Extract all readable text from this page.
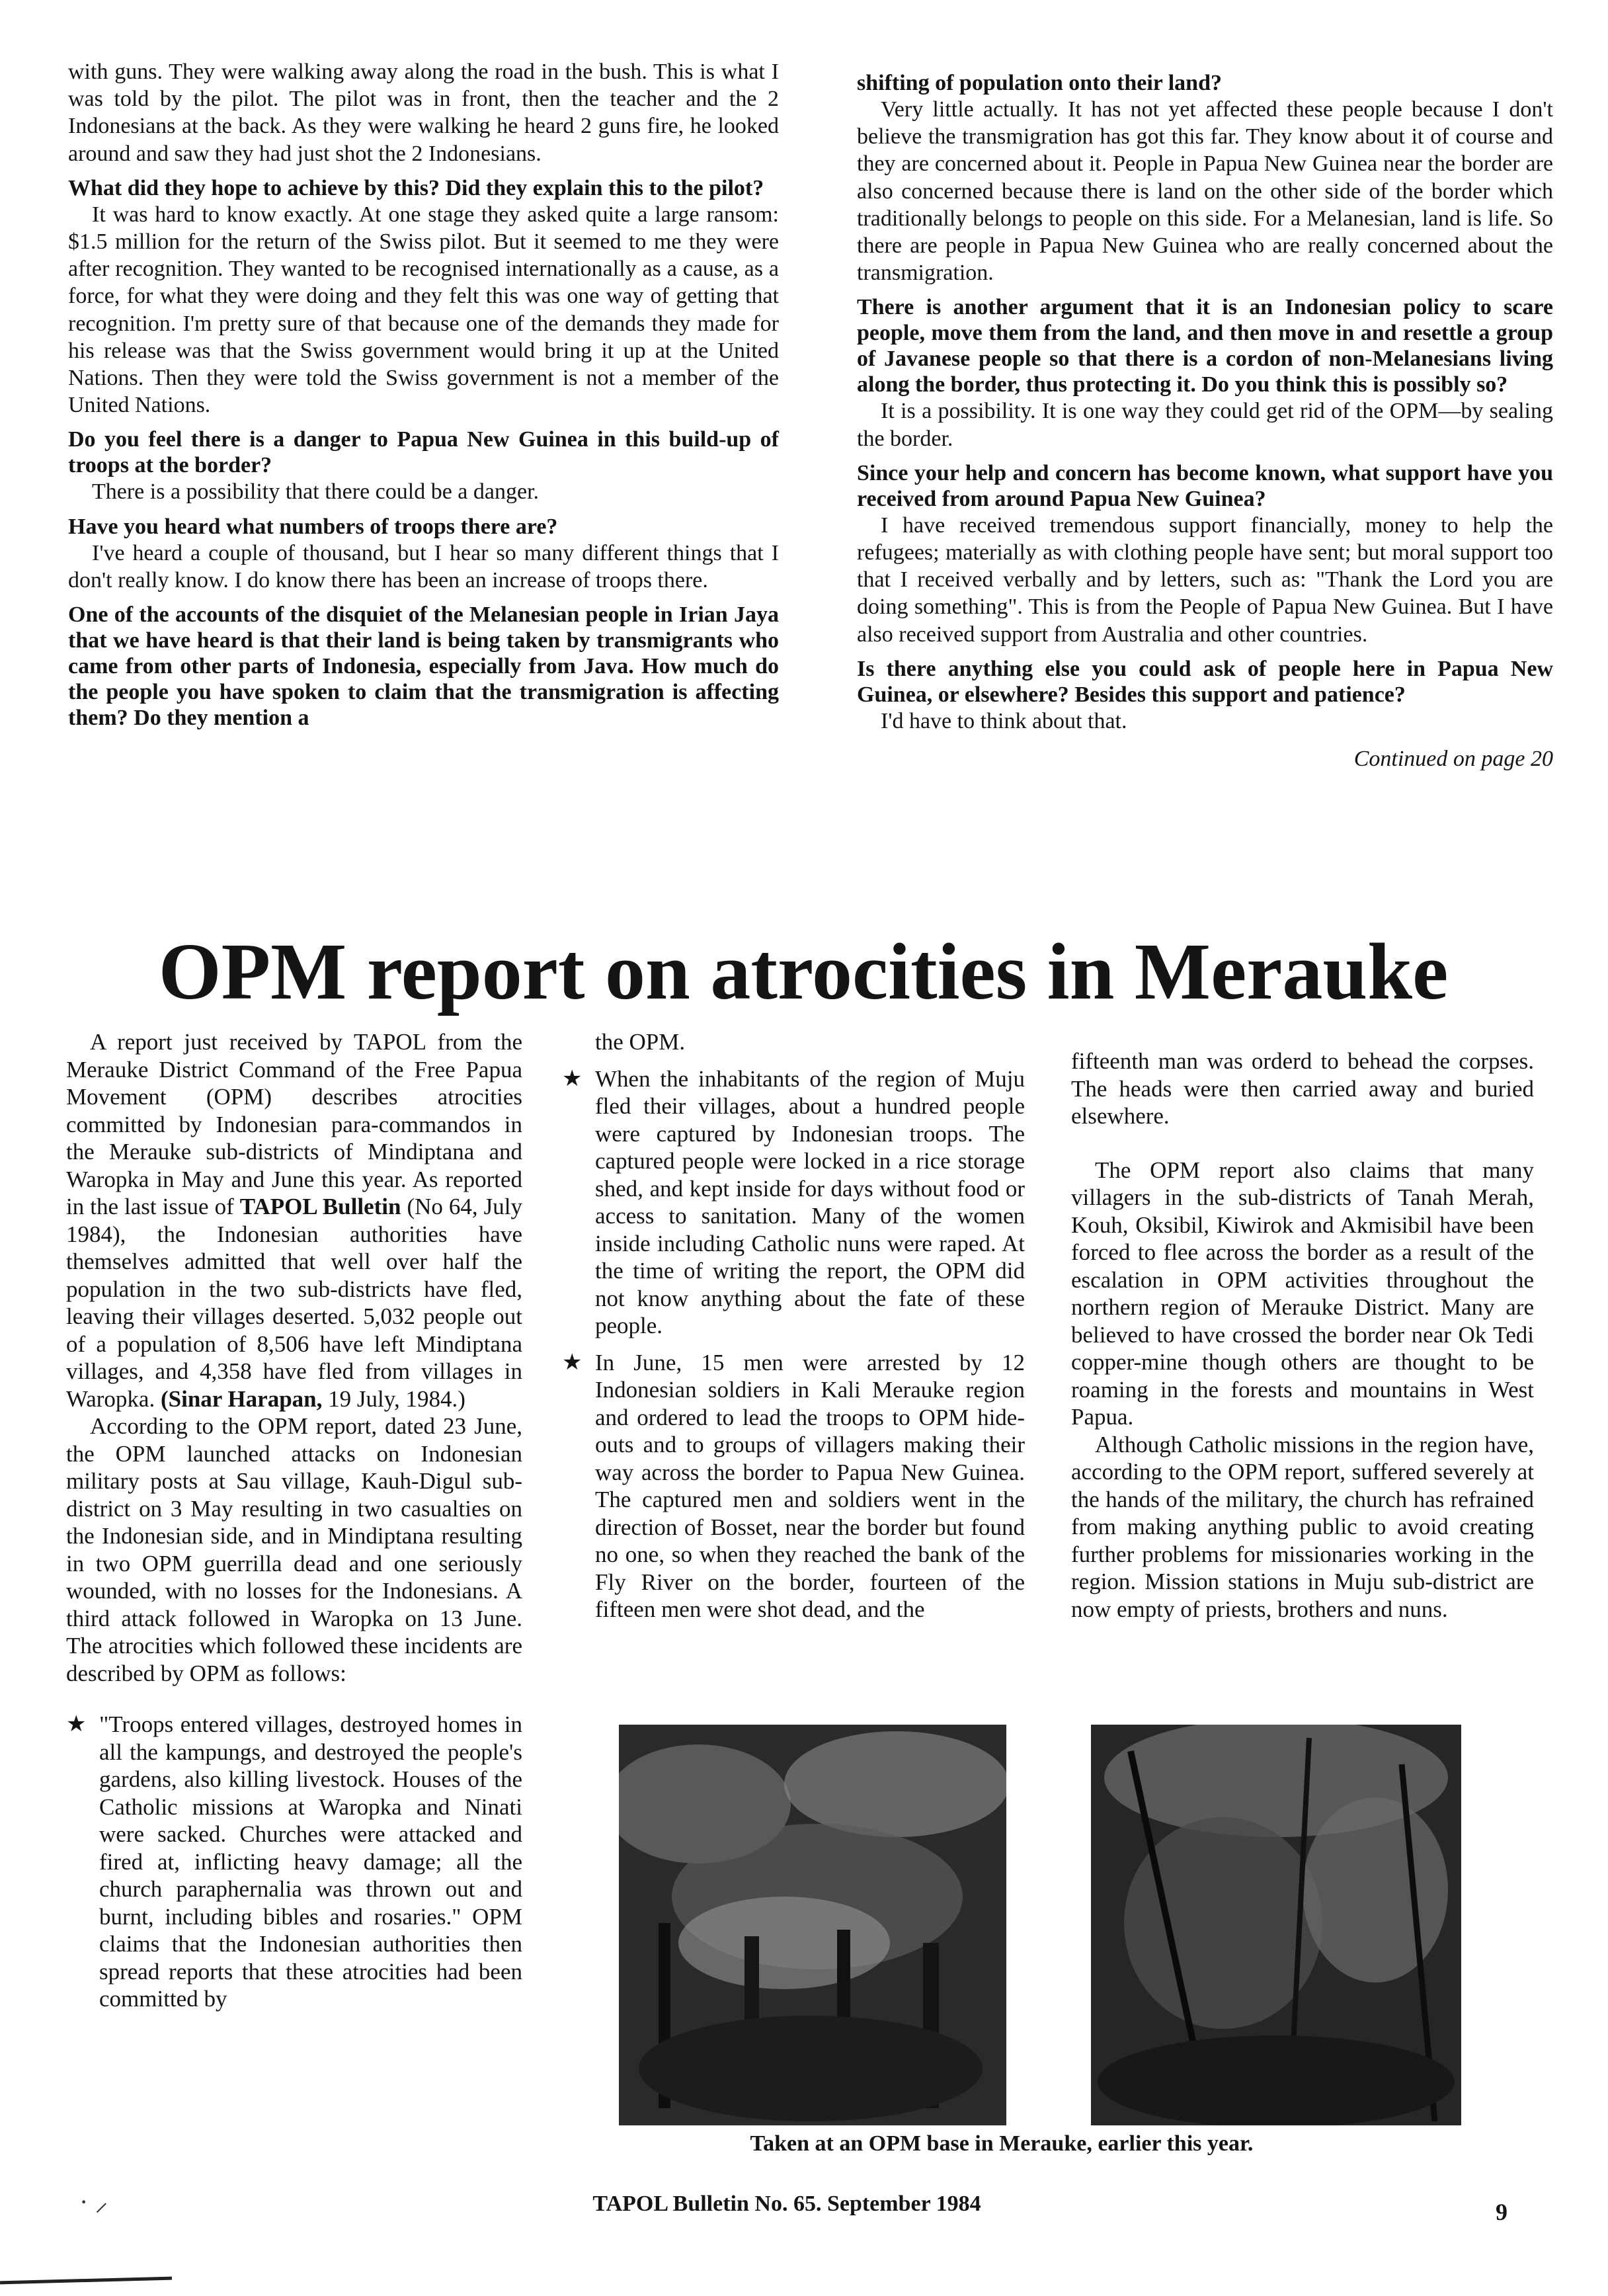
with guns. They were walking away along the road in the bush. This is what I was told by the pilot. The pilot was in front, then the teacher and the 2 Indonesians at the back. As they were walking he heard 2 guns fire, he looked around and saw they had just shot the 2 Indonesians.

What did they hope to achieve by this? Did they explain this to the pilot?

It was hard to know exactly. At one stage they asked quite a large ransom: $1.5 million for the return of the Swiss pilot. But it seemed to me they were after recognition. They wanted to be recognised internationally as a cause, as a force, for what they were doing and they felt this was one way of getting that recognition. I'm pretty sure of that because one of the demands they made for his release was that the Swiss government would bring it up at the United Nations. Then they were told the Swiss government is not a member of the United Nations.

Do you feel there is a danger to Papua New Guinea in this build-up of troops at the border?

There is a possibility that there could be a danger.

Have you heard what numbers of troops there are?

I've heard a couple of thousand, but I hear so many different things that I don't really know. I do know there has been an increase of troops there.

One of the accounts of the disquiet of the Melanesian people in Irian Jaya that we have heard is that their land is being taken by transmigrants who came from other parts of Indonesia, especially from Java. How much do the people you have spoken to claim that the transmigration is affecting them? Do they mention a

shifting of population onto their land?

Very little actually. It has not yet affected these people because I don't believe the transmigration has got this far. They know about it of course and they are concerned about it. People in Papua New Guinea near the border are also concerned because there is land on the other side of the border which traditionally belongs to people on this side. For a Melanesian, land is life. So there are people in Papua New Guinea who are really concerned about the transmigration.

There is another argument that it is an Indonesian policy to scare people, move them from the land, and then move in and resettle a group of Javanese people so that there is a cordon of non-Melanesians living along the border, thus protecting it. Do you think this is possibly so?

It is a possibility. It is one way they could get rid of the OPM—by sealing the border.

Since your help and concern has become known, what support have you received from around Papua New Guinea?

I have received tremendous support financially, money to help the refugees; materially as with clothing people have sent; but moral support too that I received verbally and by letters, such as: "Thank the Lord you are doing something". This is from the People of Papua New Guinea. But I have also received support from Australia and other countries.

Is there anything else you could ask of people here in Papua New Guinea, or elsewhere? Besides this support and patience?

I'd have to think about that.

Continued on page 20

OPM report on atrocities in Merauke

A report just received by TAPOL from the Merauke District Command of the Free Papua Movement (OPM) describes atrocities committed by Indonesian para-commandos in the Merauke sub-districts of Mindiptana and Waropka in May and June this year. As reported in the last issue of TAPOL Bulletin (No 64, July 1984), the Indonesian authorities have themselves admitted that well over half the population in the two sub-districts have fled, leaving their villages deserted. 5,032 people out of a population of 8,506 have left Mindiptana villages, and 4,358 have fled from villages in Waropka. (Sinar Harapan, 19 July, 1984.)

According to the OPM report, dated 23 June, the OPM launched attacks on Indonesian military posts at Sau village, Kauh-Digul sub-district on 3 May resulting in two casualties on the Indonesian side, and in Mindiptana resulting in two OPM guerrilla dead and one seriously wounded, with no losses for the Indonesians. A third attack followed in Waropka on 13 June. The atrocities which followed these incidents are described by OPM as follows:

★ "Troops entered villages, destroyed homes in all the kampungs, and destroyed the people's gardens, also killing livestock. Houses of the Catholic missions at Waropka and Ninati were sacked. Churches were attacked and fired at, inflicting heavy damage; all the church paraphernalia was thrown out and burnt, including bibles and rosaries." OPM claims that the Indonesian authorities then spread reports that these atrocities had been committed by

the OPM.

★ When the inhabitants of the region of Muju fled their villages, about a hundred people were captured by Indonesian troops. The captured people were locked in a rice storage shed, and kept inside for days without food or access to sanitation. Many of the women inside including Catholic nuns were raped. At the time of writing the report, the OPM did not know anything about the fate of these people.

★ In June, 15 men were arrested by 12 Indonesian soldiers in Kali Merauke region and ordered to lead the troops to OPM hide-outs and to groups of villagers making their way across the border to Papua New Guinea. The captured men and soldiers went in the direction of Bosset, near the border but found no one, so when they reached the bank of the Fly River on the border, fourteen of the fifteen men were shot dead, and the

fifteenth man was orderd to behead the corpses. The heads were then carried away and buried elsewhere.

The OPM report also claims that many villagers in the sub-districts of Tanah Merah, Kouh, Oksibil, Kiwirok and Akmisibil have been forced to flee across the border as a result of the escalation in OPM activities throughout the northern region of Merauke District. Many are believed to have crossed the border near Ok Tedi copper-mine though others are thought to be roaming in the forests and mountains in West Papua.

Although Catholic missions in the region have, according to the OPM report, suffered severely at the hands of the military, the church has refrained from making anything public to avoid creating further problems for missionaries working in the region. Mission stations in Muju sub-district are now empty of priests, brothers and nuns.

Taken at an OPM base in Merauke, earlier this year.
· ⸝	TAPOL Bulletin No. 65. September 1984	9
